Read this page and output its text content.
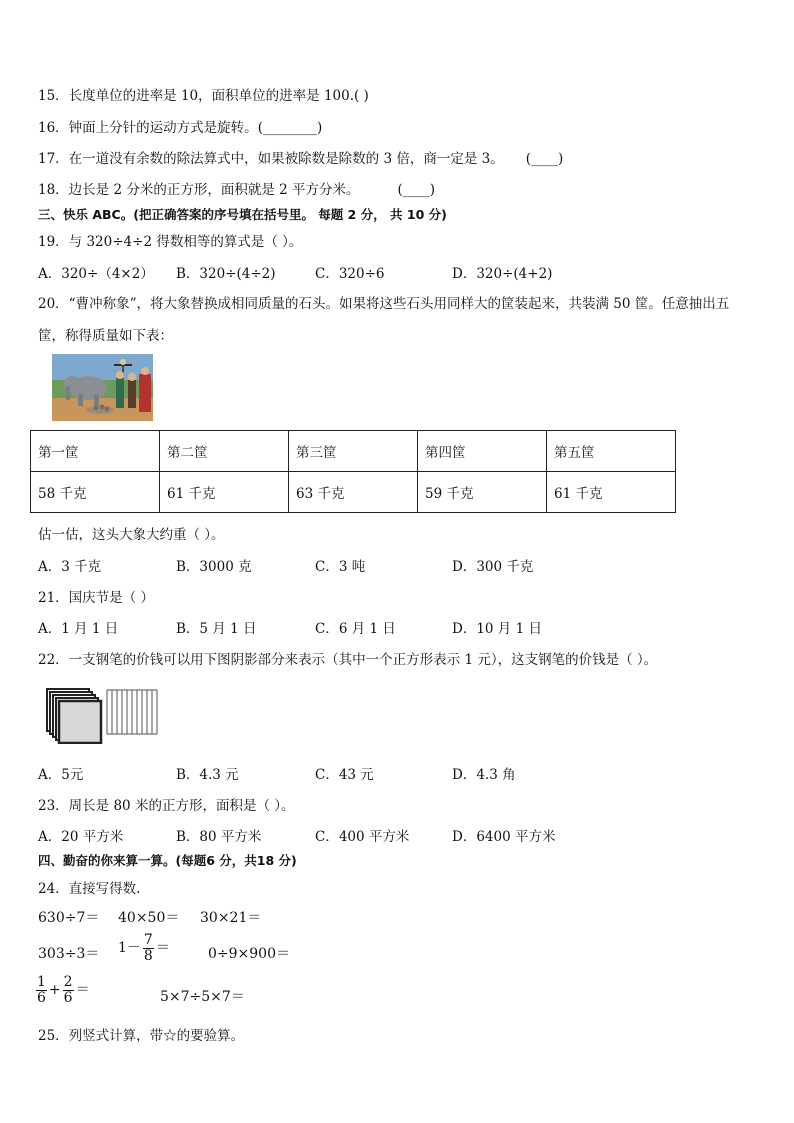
15．长度单位的进率是 10，面积单位的进率是 100.( )
16．钟面上分针的运动方式是旋转。(________)
17．在一道没有余数的除法算式中，如果被除数是除数的 3 倍，商一定是 3。 (____)
18．边长是 2 分米的正方形，面积就是 2 平方分米。	(____)
三、快乐 ABC。(把正确答案的序号填在括号里。 每题 2 分， 共 10 分)
19．与 320÷4÷2 得数相等的算式是（ ）。
A．320÷（4×2） B．320÷(4÷2)	C．320÷6	D．320÷(4+2)
20．“曹冲称象”，将大象替换成相同质量的石头。如果将这些石头用同样大的筐装起来，共装满 50 筐。任意抽出五
筐，称得质量如下表：
第一筐	第二筐	第三筐	第四筐	第五筐
58 千克	61 千克	63 千克	59 千克	61 千克
估一估，这头大象大约重（ ）。
A．3 千克	B．3000 克	C．3 吨	D．300 千克
21．国庆节是（ ）
A．1 月 1 日	B．5 月 1 日	C．6 月 1 日	D．10 月 1 日
22．一支钢笔的价钱可以用下图阴影部分来表示（其中一个正方形表示 1 元），这支钢笔的价钱是（ ）。
A．5元	B．4.3 元	C．43 元	D．4.3 角
23．周长是 80 米的正方形，面积是（ ）。
A．20 平方米	B．80 平方米	C．400 平方米	D．6400 平方米
四、勤奋的你来算一算。(每题6 分，共18 分)
24．直接写得数.
630÷7＝ 40×50＝ 30×21＝
$303\div 3= 1- \frac{7}{8}$ ＝	0÷9×900＝
$\frac{1}{6} + \frac{2}{6}$ ＝	5×7÷5×7＝
25．列竖式计算，带☆的要验算。
